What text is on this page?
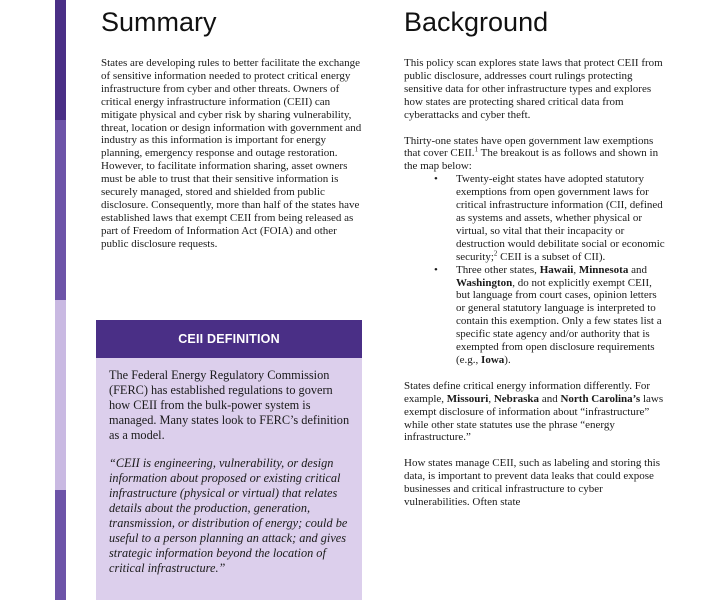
Summary

States are developing rules to better facilitate the exchange of sensitive information needed to protect critical energy infrastructure from cyber and other threats. Owners of critical energy infrastructure information (CEII) can mitigate physical and cyber risk by sharing vulnerability, threat, location or design information with government and industry as this information is important for energy planning, emergency response and outage restoration. However, to facilitate information sharing, asset owners must be able to trust that their sensitive information is securely managed, stored and shielded from public disclosure. Consequently, more than half of the states have established laws that exempt CEII from being released as part of Freedom of Information Act (FOIA) and other public disclosure requests.

CEII DEFINITION

The Federal Energy Regulatory Commission (FERC) has established regulations to govern how CEII from the bulk-power system is managed. Many states look to FERC’s definition as a model.

“CEII is engineering, vulnerability, or design information about proposed or existing critical infrastructure (physical or virtual) that relates details about the production, generation, transmission, or distribution of energy; could be useful to a person planning an attack; and gives strategic information beyond the location of critical infrastructure.”

Background

This policy scan explores state laws that protect CEII from public disclosure, addresses court rulings protecting sensitive data for other infrastructure types and explores how states are protecting shared critical data from cyberattacks and cyber theft.

Thirty-one states have open government law exemptions that cover CEII.$^1$ The breakout is as follows and shown in the map below:

• Twenty-eight states have adopted statutory exemptions from open government laws for critical infrastructure information (CII, defined as systems and assets, whether physical or virtual, so vital that their incapacity or destruction would debilitate social or economic security;$^2$ CEII is a subset of CII).
• Three other states, Hawaii, Minnesota and Washington, do not explicitly exempt CEII, but language from court cases, opinion letters or general statutory language is interpreted to contain this exemption. Only a few states list a specific state agency and/or authority that is exempted from open disclosure requirements (e.g., Iowa).

States define critical energy information differently. For example, Missouri, Nebraska and North Carolina’s laws exempt disclosure of information about “infrastructure” while other state statutes use the phrase “energy infrastructure.”

How states manage CEII, such as labeling and storing this data, is important to prevent data leaks that could expose businesses and critical infrastructure to cyber vulnerabilities. Often state
